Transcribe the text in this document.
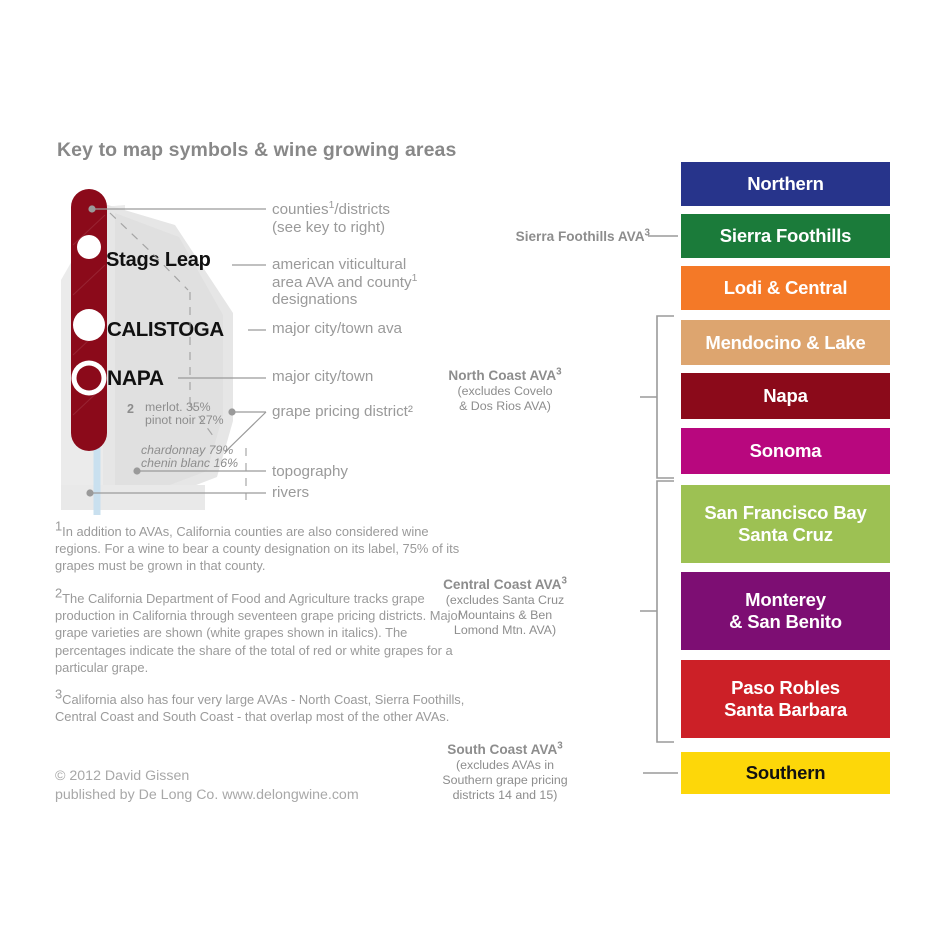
Key to map symbols & wine growing areas
Stags Leap
CALISTOGA
NAPA
2 merlot. 35%
pinot noir 27%
chardonnay 79%
chenin blanc 16%
counties$^1$/districts
(see key to right)
american viticultural
area AVA and county$^1$
designations
major city/town ava
major city/town
grape pricing district²
topography
rivers
$^1$In addition to AVAs, California counties are also considered wine regions. For a wine to bear a county designation on its label, 75% of its grapes must be grown in that county.
$^2$The California Department of Food and Agriculture tracks grape production in California through seventeen grape pricing districts. Major grape varieties are shown (white grapes shown in italics). The percentages indicate the share of the total of red or white grapes for a particular grape.
$^3$California also has four very large AVAs - North Coast, Sierra Foothills, Central Coast and South Coast - that overlap most of the other AVAs.
© 2012 David Gissen
published by De Long Co. www.delongwine.com
Northern
Sierra Foothills
Lodi & Central
Mendocino & Lake
Napa
Sonoma
San Francisco Bay
Santa Cruz
Monterey
& San Benito
Paso Robles
Santa Barbara
Southern
Sierra Foothills AVA$^3$
North Coast AVA$^3$
(excludes Covelo
& Dos Rios AVA)
Central Coast AVA$^3$
(excludes Santa Cruz
Mountains & Ben
Lomond Mtn. AVA)
South Coast AVA$^3$
(excludes AVAs in
Southern grape pricing
districts 14 and 15)
